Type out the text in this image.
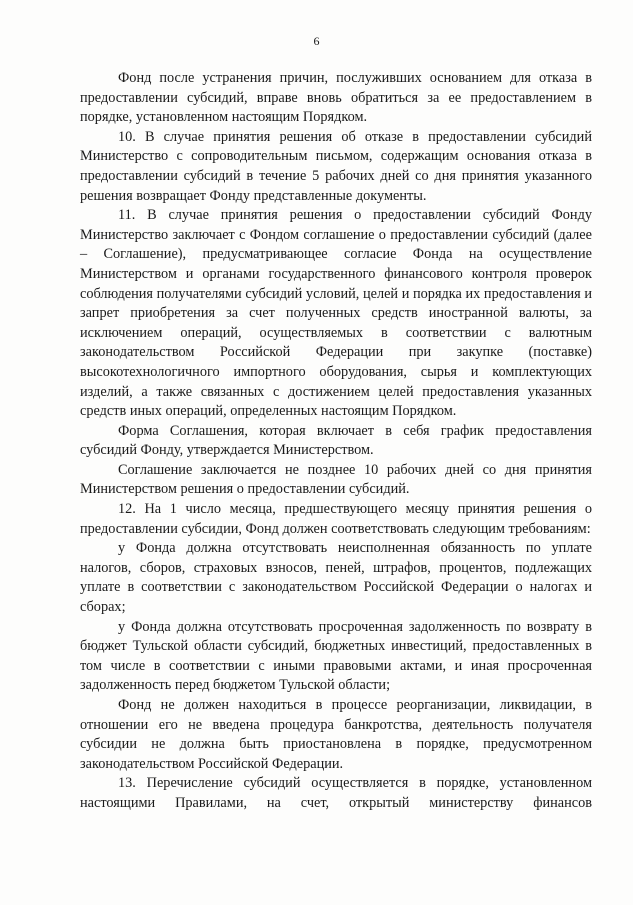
6

Фонд после устранения причин, послуживших основанием для отказа в предоставлении субсидий, вправе вновь обратиться за ее предоставлением в порядке, установленном настоящим Порядком.

10. В случае принятия решения об отказе в предоставлении субсидий Министерство с сопроводительным письмом, содержащим основания отказа в предоставлении субсидий в течение 5 рабочих дней со дня принятия указанного решения возвращает Фонду представленные документы.

11. В случае принятия решения о предоставлении субсидий Фонду Министерство заключает с Фондом соглашение о предоставлении субсидий (далее – Соглашение), предусматривающее согласие Фонда на осуществление Министерством и органами государственного финансового контроля проверок соблюдения получателями субсидий условий, целей и порядка их предоставления и запрет приобретения за счет полученных средств иностранной валюты, за исключением операций, осуществляемых в соответствии с валютным законодательством Российской Федерации при закупке (поставке) высокотехнологичного импортного оборудования, сырья и комплектующих изделий, а также связанных с достижением целей предоставления указанных средств иных операций, определенных настоящим Порядком.

Форма Соглашения, которая включает в себя график предоставления субсидий Фонду, утверждается Министерством.

Соглашение заключается не позднее 10 рабочих дней со дня принятия Министерством решения о предоставлении субсидий.

12. На 1 число месяца, предшествующего месяцу принятия решения о предоставлении субсидии, Фонд должен соответствовать следующим требованиям:

у Фонда должна отсутствовать неисполненная обязанность по уплате налогов, сборов, страховых взносов, пеней, штрафов, процентов, подлежащих уплате в соответствии с законодательством Российской Федерации о налогах и сборах;

у Фонда должна отсутствовать просроченная задолженность по возврату в бюджет Тульской области субсидий, бюджетных инвестиций, предоставленных в том числе в соответствии с иными правовыми актами, и иная просроченная задолженность перед бюджетом Тульской области;

Фонд не должен находиться в процессе реорганизации, ликвидации, в отношении его не введена процедура банкротства, деятельность получателя субсидии не должна быть приостановлена в порядке, предусмотренном законодательством Российской Федерации.

13. Перечисление субсидий осуществляется в порядке, установленном настоящими Правилами, на счет, открытый министерству финансов
